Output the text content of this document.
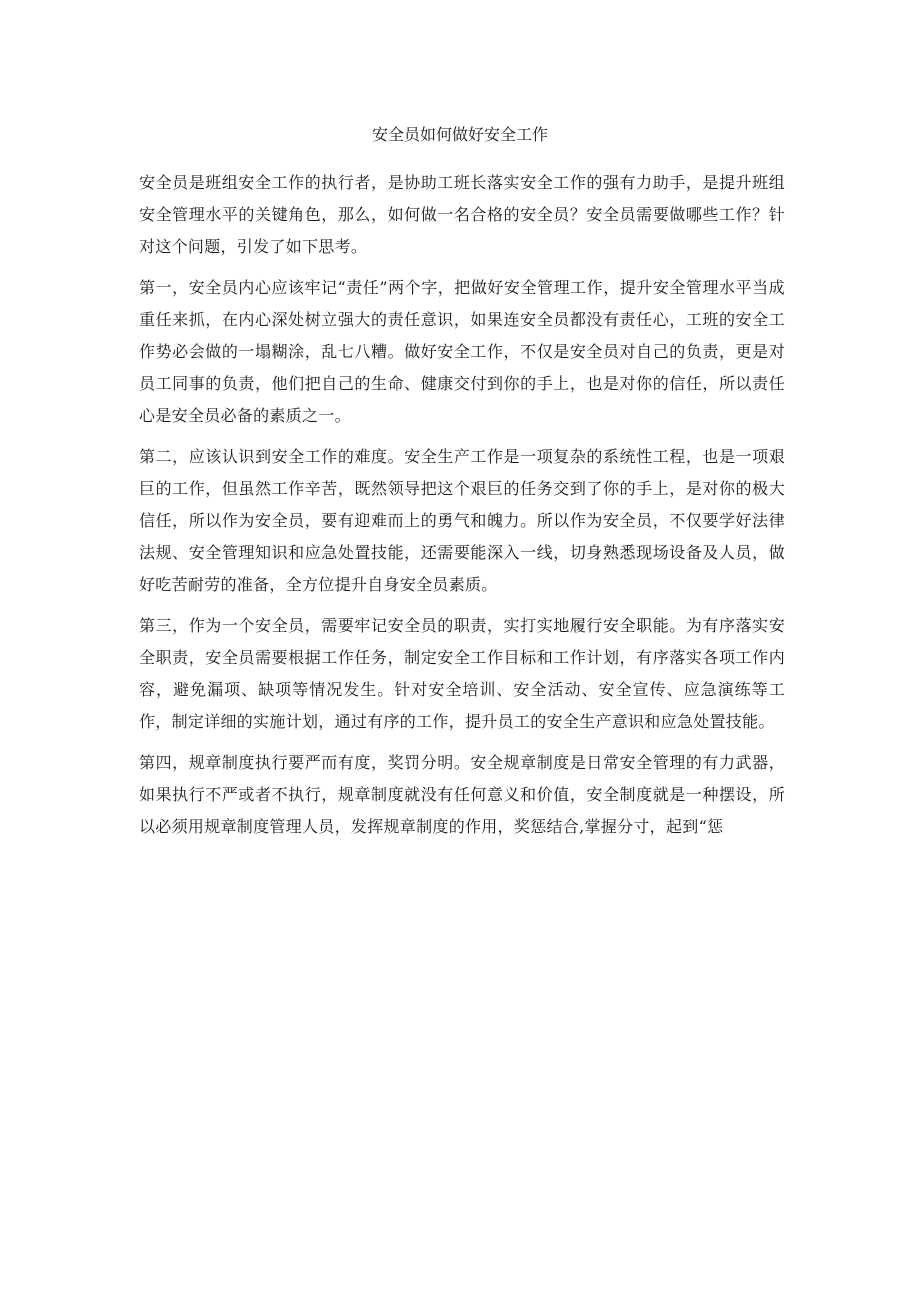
安全员如何做好安全工作

安全员是班组安全工作的执行者，是协助工班长落实安全工作的强有力助手，是提升班组安全管理水平的关键角色，那么，如何做一名合格的安全员？安全员需要做哪些工作？针对这个问题，引发了如下思考。

第一，安全员内心应该牢记“责任”两个字，把做好安全管理工作，提升安全管理水平当成重任来抓，在内心深处树立强大的责任意识，如果连安全员都没有责任心，工班的安全工作势必会做的一塌糊涂，乱七八糟。做好安全工作，不仅是安全员对自己的负责，更是对员工同事的负责，他们把自己的生命、健康交付到你的手上，也是对你的信任，所以责任心是安全员必备的素质之一。

第二，应该认识到安全工作的难度。安全生产工作是一项复杂的系统性工程，也是一项艰巨的工作，但虽然工作辛苦，既然领导把这个艰巨的任务交到了你的手上，是对你的极大信任，所以作为安全员，要有迎难而上的勇气和魄力。所以作为安全员，不仅要学好法律法规、安全管理知识和应急处置技能，还需要能深入一线，切身熟悉现场设备及人员，做好吃苦耐劳的准备，全方位提升自身安全员素质。

第三，作为一个安全员，需要牢记安全员的职责，实打实地履行安全职能。为有序落实安全职责，安全员需要根据工作任务，制定安全工作目标和工作计划，有序落实各项工作内容，避免漏项、缺项等情况发生。针对安全培训、安全活动、安全宣传、应急演练等工作，制定详细的实施计划，通过有序的工作，提升员工的安全生产意识和应急处置技能。

第四，规章制度执行要严而有度，奖罚分明。安全规章制度是日常安全管理的有力武器，如果执行不严或者不执行，规章制度就没有任何意义和价值，安全制度就是一种摆设，所以必须用规章制度管理人员，发挥规章制度的作用，奖惩结合,掌握分寸，起到“惩
